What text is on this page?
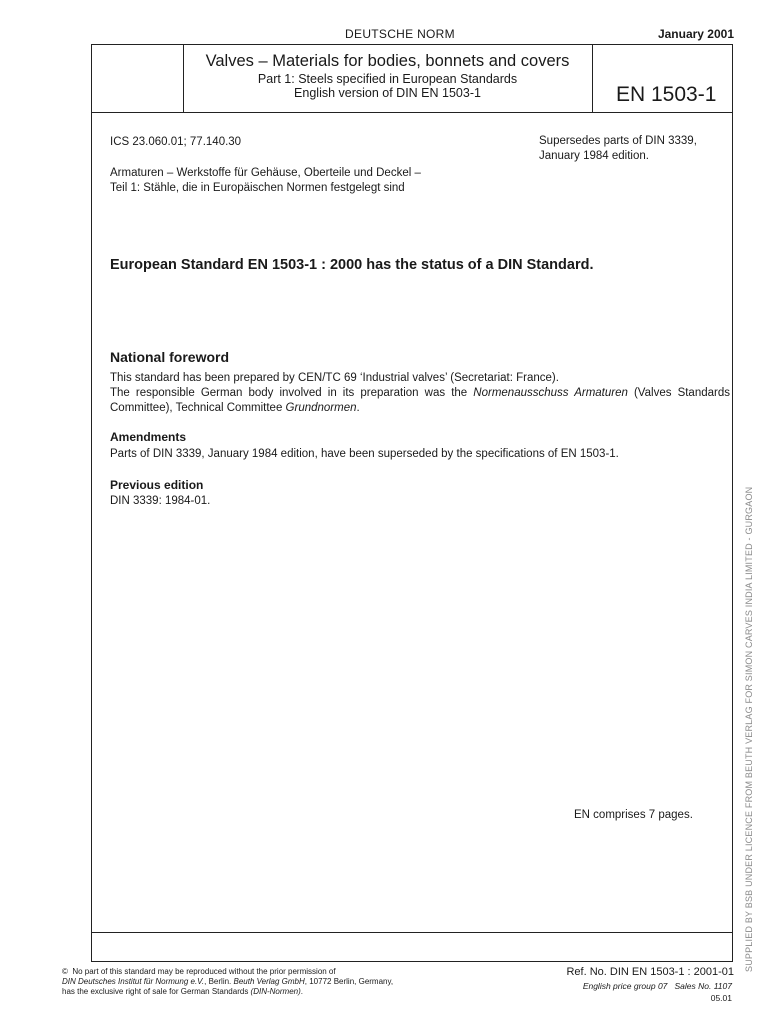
DEUTSCHE NORM	January 2001
Valves – Materials for bodies, bonnets and covers
Part 1: Steels specified in European Standards
English version of DIN EN 1503-1	EN 1503-1
ICS 23.060.01; 77.140.30	Supersedes parts of DIN 3339,
January 1984 edition.
Armaturen – Werkstoffe für Gehäuse, Oberteile und Deckel –
Teil 1: Stähle, die in Europäischen Normen festgelegt sind
European Standard EN 1503-1 : 2000 has the status of a DIN Standard.
National foreword
This standard has been prepared by CEN/TC 69 ‘Industrial valves’ (Secretariat: France).
The responsible German body involved in its preparation was the Normenausschuss Armaturen (Valves Standards Committee), Technical Committee Grundnormen.
Amendments
Parts of DIN 3339, January 1984 edition, have been superseded by the specifications of EN 1503-1.
Previous edition
DIN 3339: 1984-01.
EN comprises 7 pages.
© No part of this standard may be reproduced without the prior permission of
DIN Deutsches Institut für Normung e.V., Berlin. Beuth Verlag GmbH, 10772 Berlin, Germany,
has the exclusive right of sale for German Standards (DIN-Normen).
Ref. No. DIN EN 1503-1 : 2001-01
English price group 07 Sales No. 1107
05.01
SUPPLIED BY BSB UNDER LICENCE FROM BEUTH VERLAG FOR SIMON CARVES INDIA LIMITED - GURGAON
